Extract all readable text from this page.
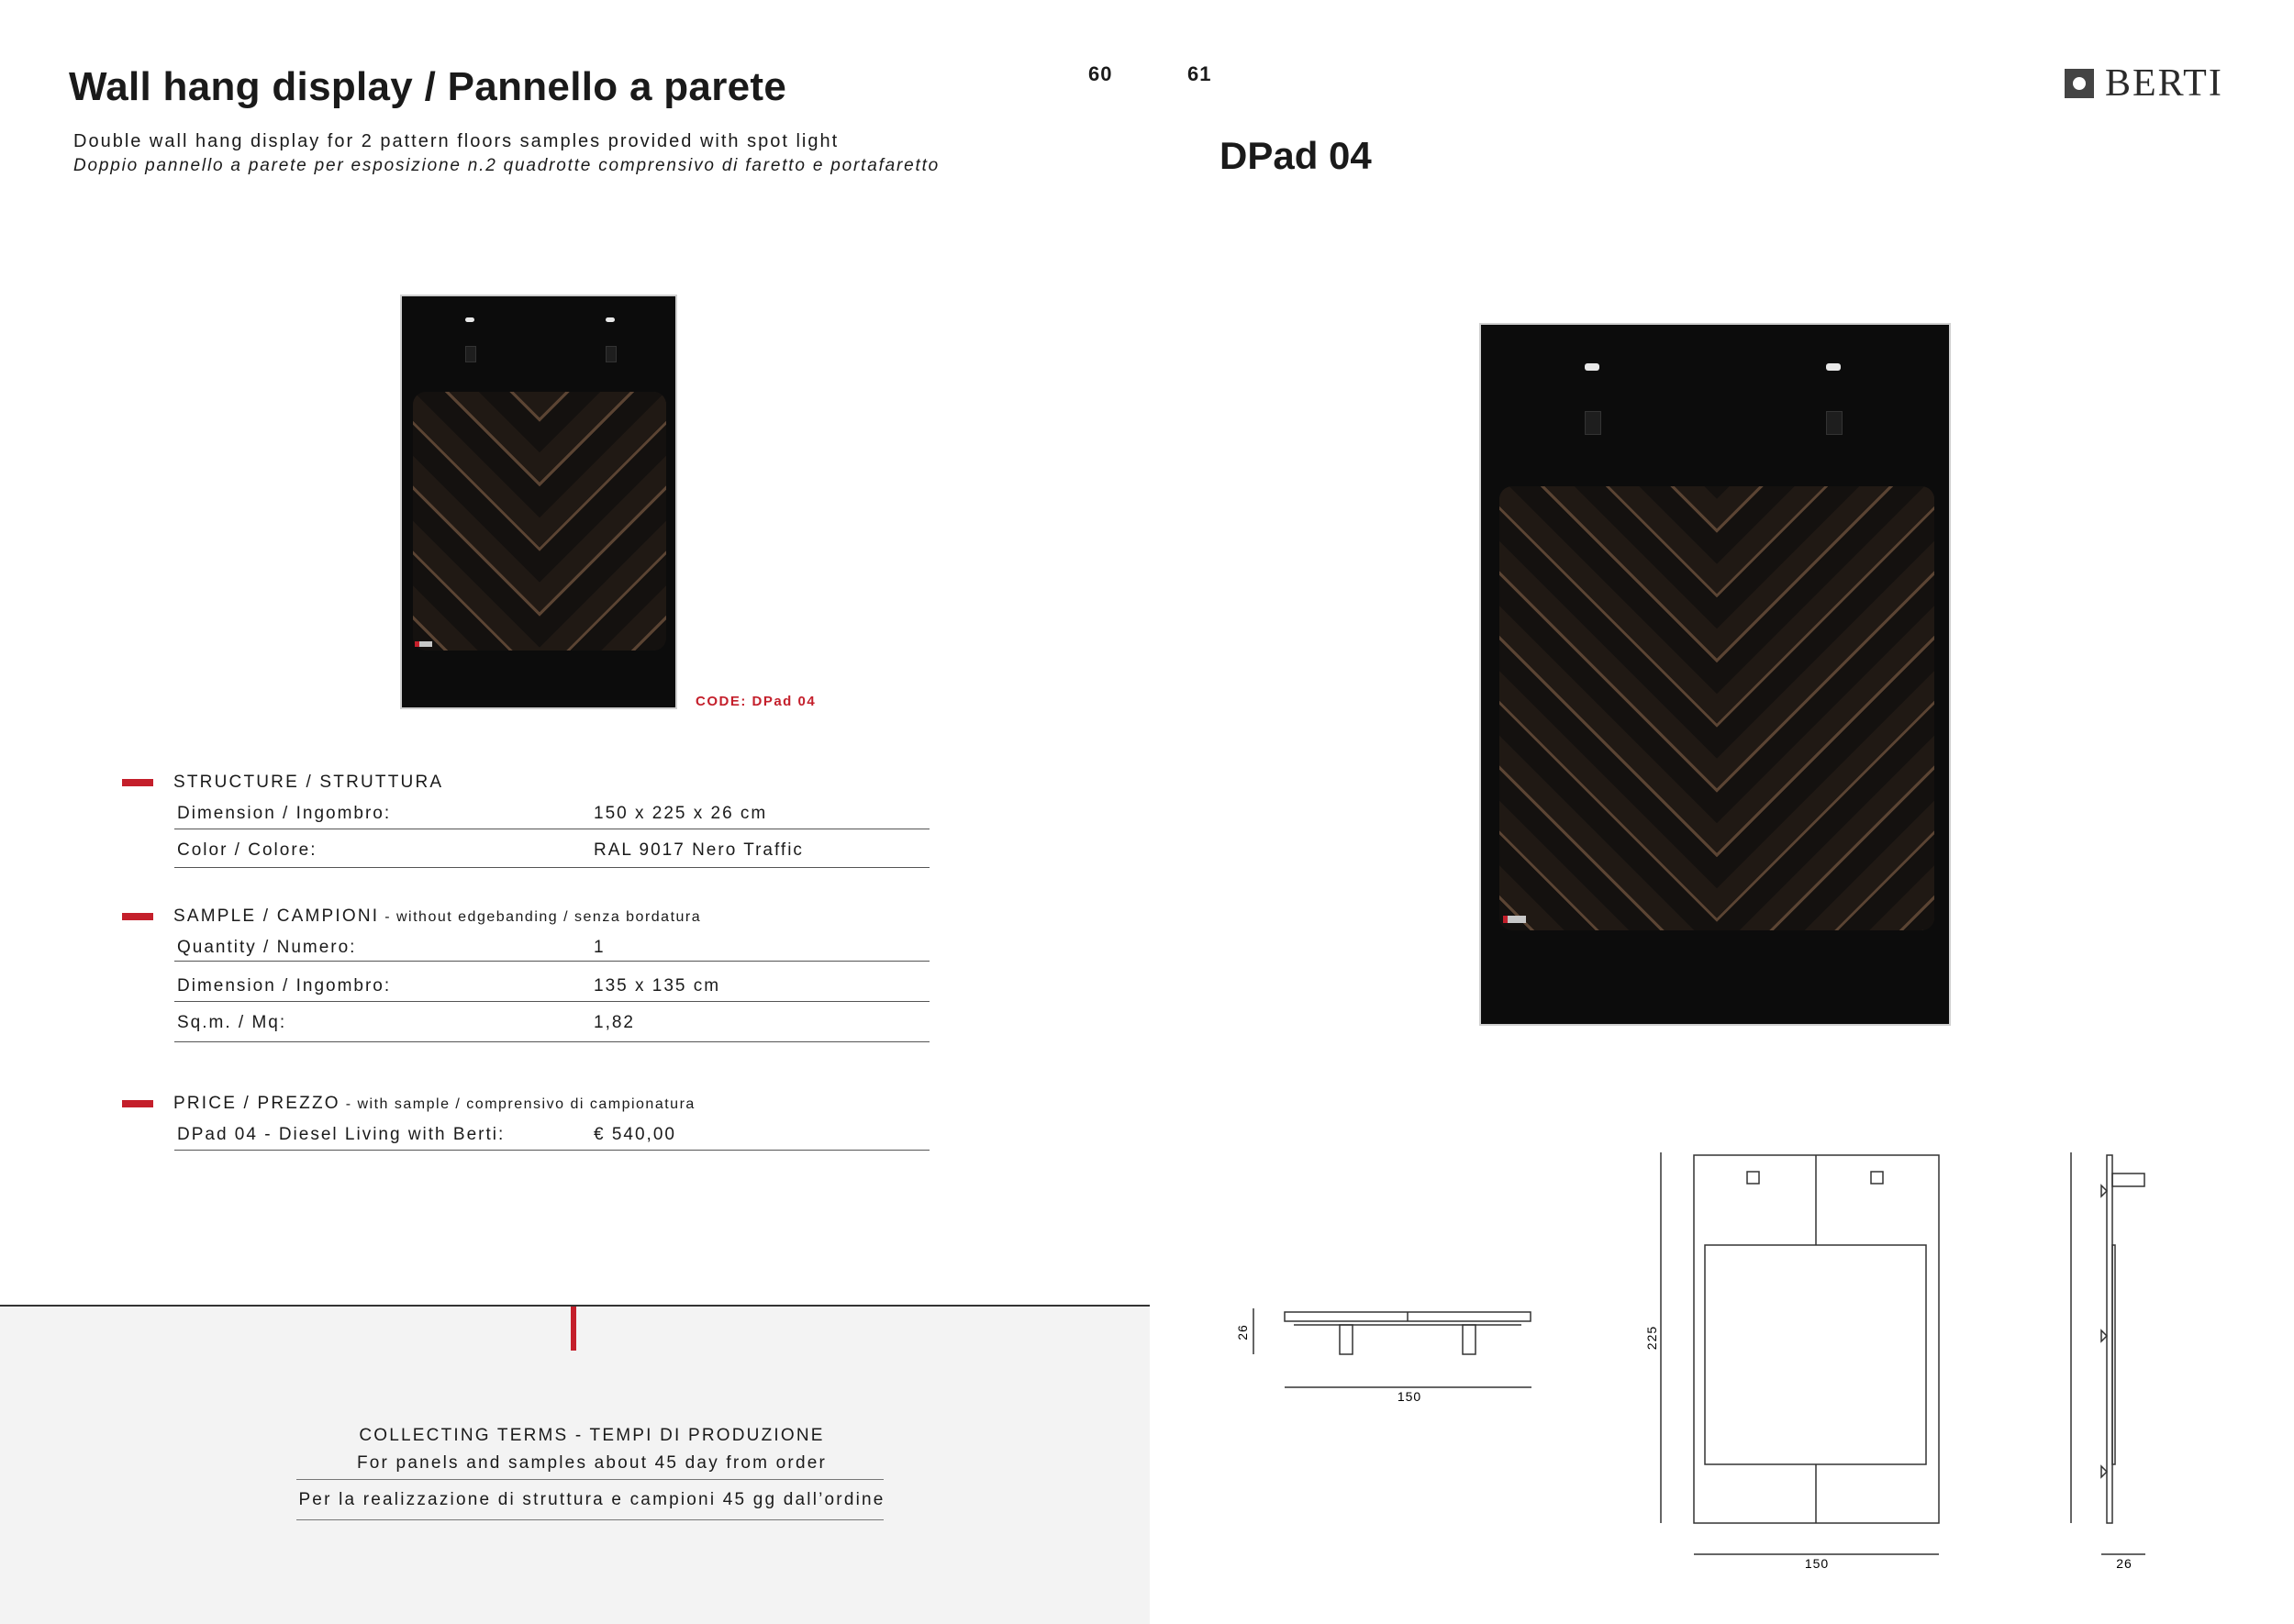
Wall hang display / Pannello a parete
Double wall hang display for 2 pattern floors samples provided with spot light
Doppio pannello a parete per esposizione n.2 quadrotte comprensivo di faretto e portafaretto
60	61
DPad 04
BERTI
CODE: DPad 04
STRUCTURE / STRUTTURA
Dimension / Ingombro:	150 x 225 x 26 cm
Color / Colore:	RAL 9017 Nero Traffic
SAMPLE / CAMPIONI - without edgebanding / senza bordatura
Quantity / Numero:	1
Dimension / Ingombro:	135 x 135 cm
Sq.m. / Mq:	1,82
PRICE / PREZZO - with sample / comprensivo di campionatura
DPad 04 - Diesel Living with Berti:	€ 540,00
COLLECTING TERMS - TEMPI DI PRODUZIONE
For panels and samples about 45 day from order
Per la realizzazione di struttura e campioni 45 gg dall’ordine
26
150
225
150	26
